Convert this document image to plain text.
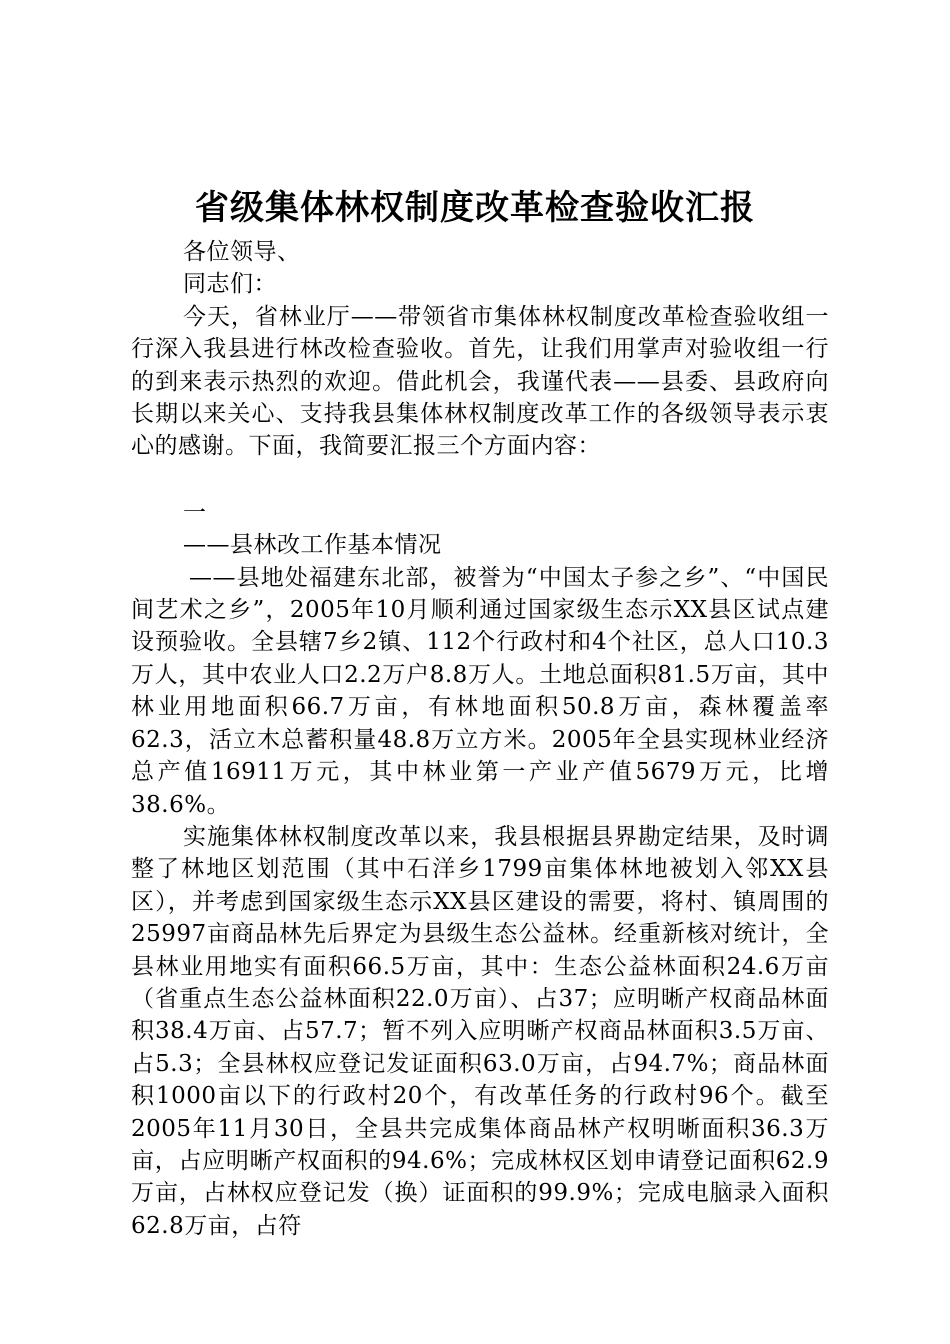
省级集体林权制度改革检查验收汇报

各位领导、

同志们：

今天，省林业厅——带领省市集体林权制度改革检查验收组一行深入我县进行林改检查验收。首先，让我们用掌声对验收组一行的到来表示热烈的欢迎。借此机会，我谨代表——县委、县政府向长期以来关心、支持我县集体林权制度改革工作的各级领导表示衷心的感谢。下面，我简要汇报三个方面内容：

一

——县林改工作基本情况

——县地处福建东北部，被誉为“中国太子参之乡”、“中国民间艺术之乡”，2005年10月顺利通过国家级生态示XX县区试点建设预验收。全县辖7乡2镇、112个行政村和4个社区，总人口10.3万人，其中农业人口2.2万户8.8万人。土地总面积81.5万亩，其中林业用地面积66.7万亩，有林地面积50.8万亩，森林覆盖率62.3，活立木总蓄积量48.8万立方米。2005年全县实现林业经济总产值16911万元，其中林业第一产业产值5679万元，比增38.6%。

实施集体林权制度改革以来，我县根据县界勘定结果，及时调整了林地区划范围（其中石洋乡1799亩集体林地被划入邻XX县区），并考虑到国家级生态示XX县区建设的需要，将村、镇周围的25997亩商品林先后界定为县级生态公益林。经重新核对统计，全县林业用地实有面积66.5万亩，其中：生态公益林面积24.6万亩（省重点生态公益林面积22.0万亩）、占37；应明晰产权商品林面积38.4万亩、占57.7；暂不列入应明晰产权商品林面积3.5万亩、占5.3；全县林权应登记发证面积63.0万亩，占94.7%；商品林面积1000亩以下的行政村20个，有改革任务的行政村96个。截至2005年11月30日，全县共完成集体商品林产权明晰面积36.3万亩，占应明晰产权面积的94.6%；完成林权区划申请登记面积62.9万亩，占林权应登记发（换）证面积的99.9%；完成电脑录入面积62.8万亩，占符
